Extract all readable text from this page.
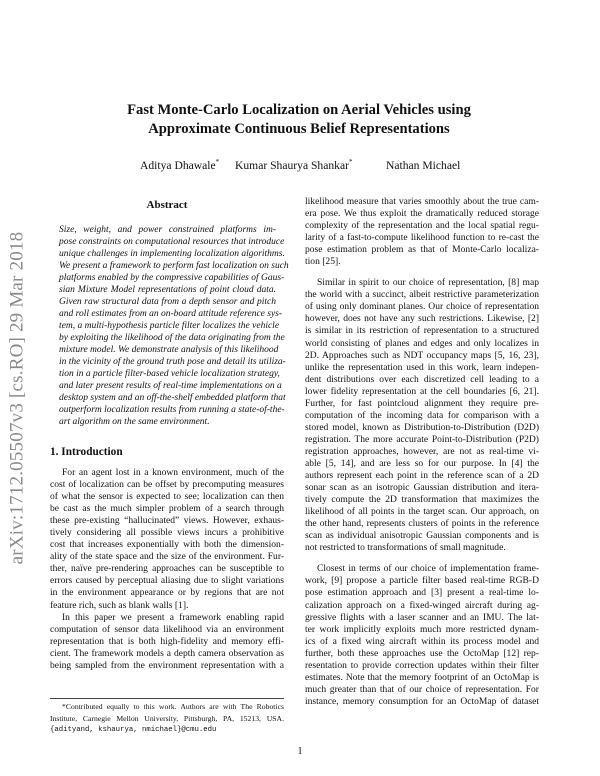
arXiv:1712.05507v3 [cs.RO] 29 Mar 2018
Fast Monte-Carlo Localization on Aerial Vehicles using
Approximate Continuous Belief Representations
Aditya Dhawale* Kumar Shaurya Shankar*	Nathan Michael
Abstract
Size, weight, and power constrained platforms im-
pose constraints on computational resources that introduce
unique challenges in implementing localization algorithms.
We present a framework to perform fast localization on such
platforms enabled by the compressive capabilities of Gaus-
sian Mixture Model representations of point cloud data.
Given raw structural data from a depth sensor and pitch
and roll estimates from an on-board attitude reference sys-
tem, a multi-hypothesis particle filter localizes the vehicle
by exploiting the likelihood of the data originating from the
mixture model. We demonstrate analysis of this likelihood
in the vicinity of the ground truth pose and detail its utiliza-
tion in a particle filter-based vehicle localization strategy,
and later present results of real-time implementations on a
desktop system and an off-the-shelf embedded platform that
outperform localization results from running a state-of-the-
art algorithm on the same environment.
1. Introduction
For an agent lost in a known environment, much of the
cost of localization can be offset by precomputing measures
of what the sensor is expected to see; localization can then
be cast as the much simpler problem of a search through
these pre-existing “hallucinated” views. However, exhaus-
tively considering all possible views incurs a prohibitive
cost that increases exponentially with both the dimension-
ality of the state space and the size of the environment. Fur-
ther, naïve pre-rendering approaches can be susceptible to
errors caused by perceptual aliasing due to slight variations
in the environment appearance or by regions that are not
feature rich, such as blank walls [1].
In this paper we present a framework enabling rapid
computation of sensor data likelihood via an environment
representation that is both high-fidelity and memory effi-
cient. The framework models a depth camera observation as
being sampled from the environment representation with a
*Contributed equally to this work. Authors are with The Robotics
Institute, Carnegie Mellon University, Pittsburgh, PA, 15213, USA.
{adityand, kshaurya, nmichael}@cmu.edu
likelihood measure that varies smoothly about the true cam-
era pose. We thus exploit the dramatically reduced storage
complexity of the representation and the local spatial regu-
larity of a fast-to-compute likelihood function to re-cast the
pose estimation problem as that of Monte-Carlo localiza-
tion [25].
Similar in spirit to our choice of representation, [8] map
the world with a succinct, albeit restrictive parameterization
of using only dominant planes. Our choice of representation
however, does not have any such restrictions. Likewise, [2]
is similar in its restriction of representation to a structured
world consisting of planes and edges and only localizes in
2D. Approaches such as NDT occupancy maps [5, 16, 23],
unlike the representation used in this work, learn indepen-
dent distributions over each discretized cell leading to a
lower fidelity representation at the cell boundaries [6, 21].
Further, for fast pointcloud alignment they require pre-
computation of the incoming data for comparison with a
stored model, known as Distribution-to-Distribution (D2D)
registration. The more accurate Point-to-Distribution (P2D)
registration approaches, however, are not as real-time vi-
able [5, 14], and are less so for our purpose. In [4] the
authors represent each point in the reference scan of a 2D
sonar scan as an isotropic Gaussian distribution and itera-
tively compute the 2D transformation that maximizes the
likelihood of all points in the target scan. Our approach, on
the other hand, represents clusters of points in the reference
scan as individual anisotropic Gaussian components and is
not restricted to transformations of small magnitude.
Closest in terms of our choice of implementation frame-
work, [9] propose a particle filter based real-time RGB-D
pose estimation approach and [3] present a real-time lo-
calization approach on a fixed-winged aircraft during ag-
gressive flights with a laser scanner and an IMU. The lat-
ter work implicitly exploits much more restricted dynam-
ics of a fixed wing aircraft within its process model and
further, both these approaches use the OctoMap [12] rep-
resentation to provide correction updates within their filter
estimates. Note that the memory footprint of an OctoMap is
much greater than that of our choice of representation. For
instance, memory consumption for an OctoMap of dataset
1
